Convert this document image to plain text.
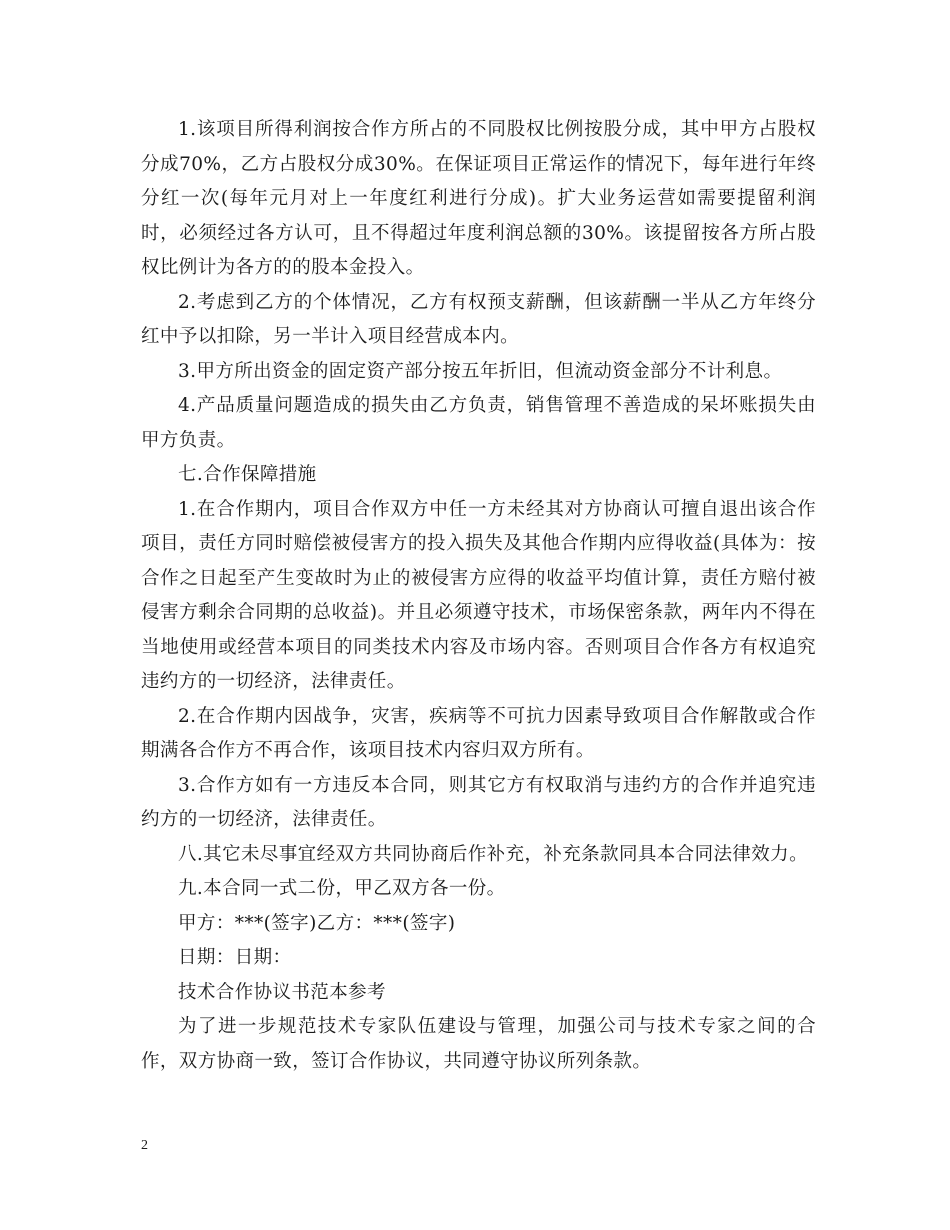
1.该项目所得利润按合作方所占的不同股权比例按股分成，其中甲方占股权分成70%，乙方占股权分成30%。在保证项目正常运作的情况下，每年进行年终分红一次(每年元月对上一年度红利进行分成)。扩大业务运营如需要提留利润时，必须经过各方认可，且不得超过年度利润总额的30%。该提留按各方所占股权比例计为各方的的股本金投入。

2.考虑到乙方的个体情况，乙方有权预支薪酬，但该薪酬一半从乙方年终分红中予以扣除，另一半计入项目经营成本内。

3.甲方所出资金的固定资产部分按五年折旧，但流动资金部分不计利息。

4.产品质量问题造成的损失由乙方负责，销售管理不善造成的呆坏账损失由甲方负责。

七.合作保障措施

1.在合作期内，项目合作双方中任一方未经其对方协商认可擅自退出该合作项目，责任方同时赔偿被侵害方的投入损失及其他合作期内应得收益(具体为：按合作之日起至产生变故时为止的被侵害方应得的收益平均值计算，责任方赔付被侵害方剩余合同期的总收益)。并且必须遵守技术，市场保密条款，两年内不得在当地使用或经营本项目的同类技术内容及市场内容。否则项目合作各方有权追究违约方的一切经济，法律责任。

2.在合作期内因战争，灾害，疾病等不可抗力因素导致项目合作解散或合作期满各合作方不再合作，该项目技术内容归双方所有。

3.合作方如有一方违反本合同，则其它方有权取消与违约方的合作并追究违约方的一切经济，法律责任。

八.其它未尽事宜经双方共同协商后作补充，补充条款同具本合同法律效力。

九.本合同一式二份，甲乙双方各一份。

甲方：***(签字)乙方：***(签字)

日期：日期：

技术合作协议书范本参考

为了进一步规范技术专家队伍建设与管理，加强公司与技术专家之间的合作，双方协商一致，签订合作协议，共同遵守协议所列条款。

2
